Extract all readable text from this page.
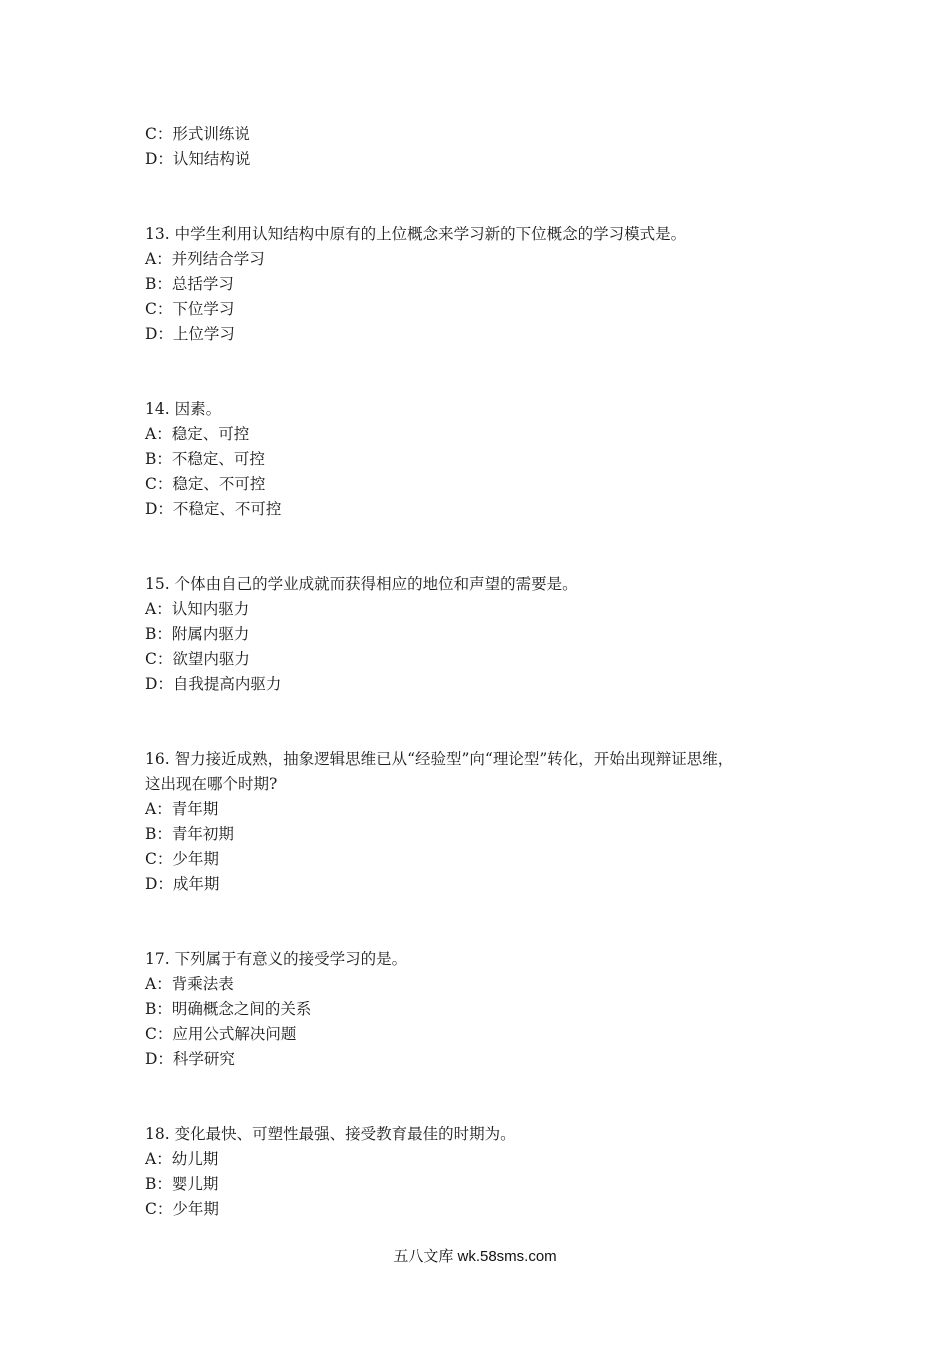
C：形式训练说
D：认知结构说
13. 中学生利用认知结构中原有的上位概念来学习新的下位概念的学习模式是。
A：并列结合学习
B：总括学习
C：下位学习
D：上位学习
14. 因素。
A：稳定、可控
B：不稳定、可控
C：稳定、不可控
D：不稳定、不可控
15. 个体由自己的学业成就而获得相应的地位和声望的需要是。
A：认知内驱力
B：附属内驱力
C：欲望内驱力
D：自我提高内驱力
16. 智力接近成熟，抽象逻辑思维已从“经验型”向“理论型”转化，开始出现辩证思维，
这出现在哪个时期?
A：青年期
B：青年初期
C：少年期
D：成年期
17. 下列属于有意义的接受学习的是。
A：背乘法表
B：明确概念之间的关系
C：应用公式解决问题
D：科学研究
18. 变化最快、可塑性最强、接受教育最佳的时期为。
A：幼儿期
B：婴儿期
C：少年期
五八文库 wk.58sms.com
